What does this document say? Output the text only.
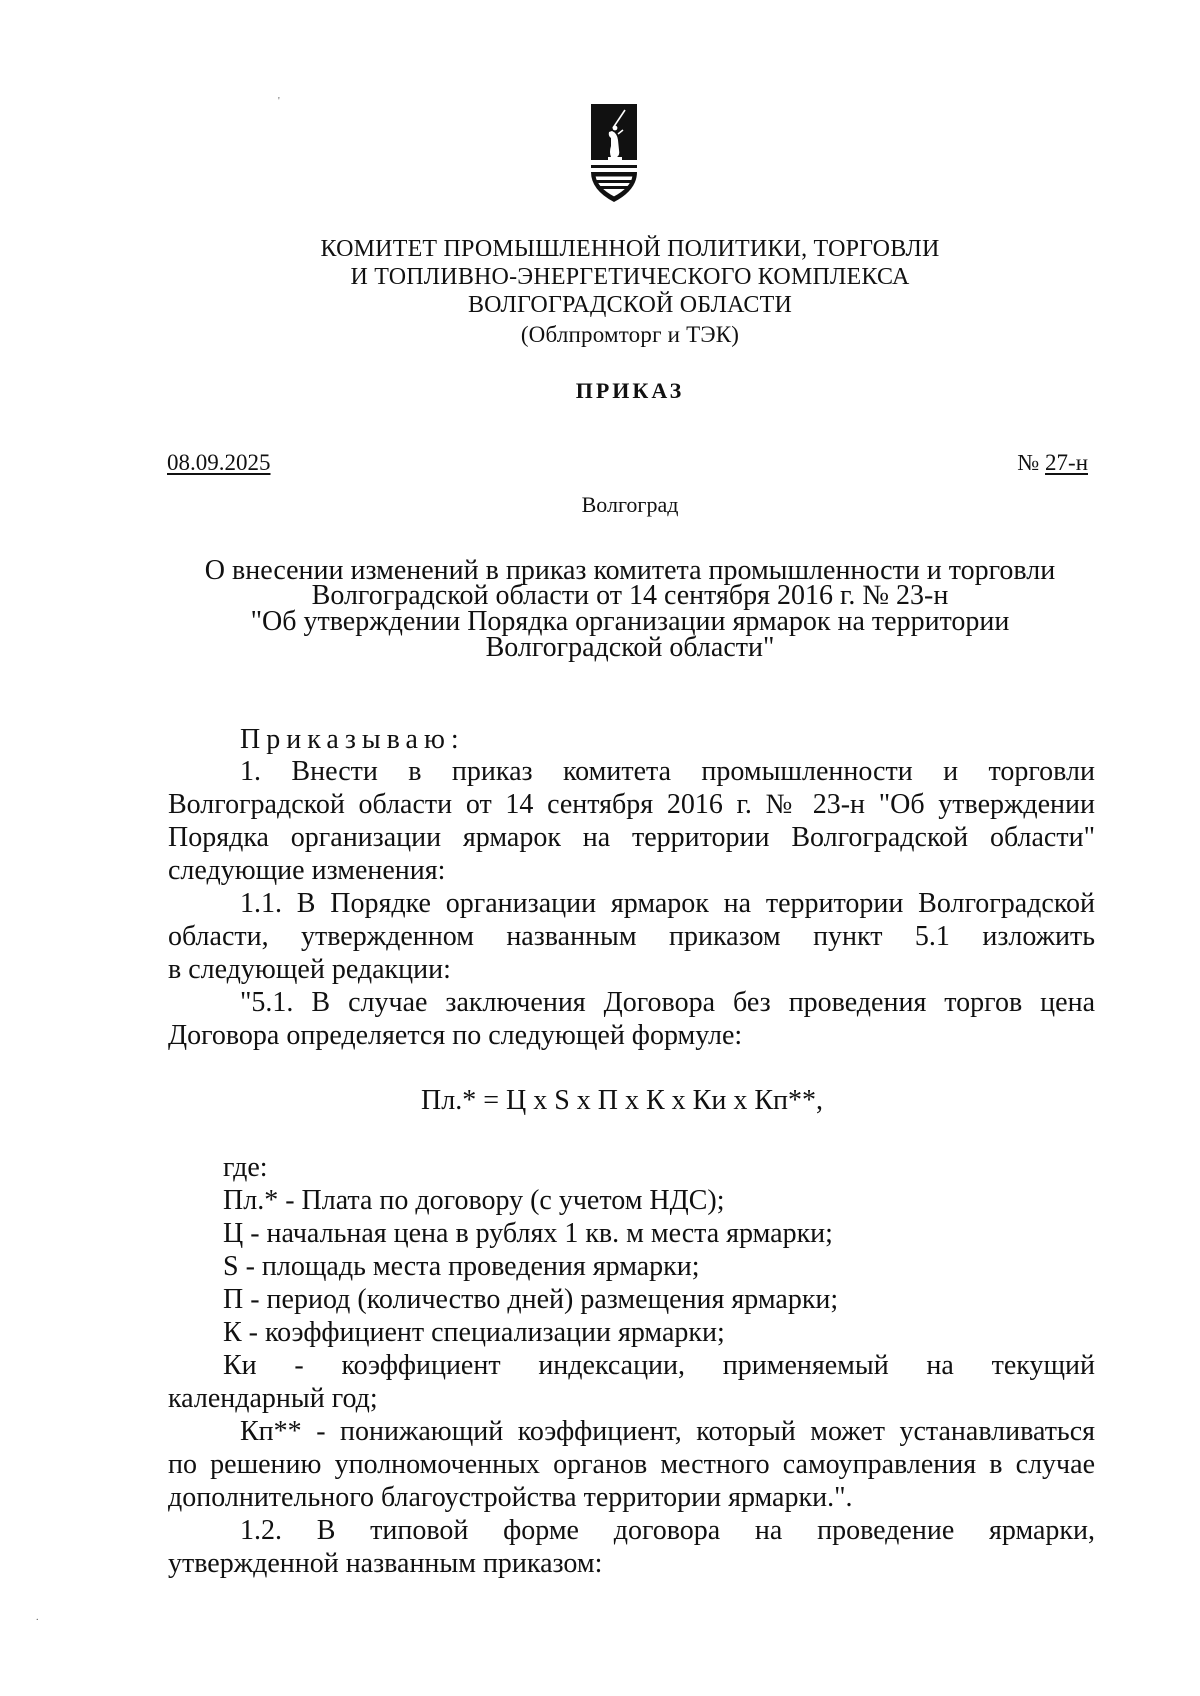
КОМИТЕТ ПРОМЫШЛЕННОЙ ПОЛИТИКИ, ТОРГОВЛИ
И ТОПЛИВНО-ЭНЕРГЕТИЧЕСКОГО КОМПЛЕКСА
ВОЛГОГРАДСКОЙ ОБЛАСТИ
(Облпромторг и ТЭК)
ПРИКАЗ
08.09.2025	№ 27-н
Волгоград
О внесении изменений в приказ комитета промышленности и торговли
Волгоградской области от 14 сентября 2016 г. № 23-н
"Об утверждении Порядка организации ярмарок на территории
Волгоградской области"
Приказываю:
1. Внести в приказ комитета промышленности и торговли
Волгоградской области от 14 сентября 2016 г. № 23-н "Об утверждении
Порядка организации ярмарок на территории Волгоградской области"
следующие изменения:
1.1. В Порядке организации ярмарок на территории Волгоградской
области, утвержденном названным приказом пункт 5.1 изложить
в следующей редакции:
"5.1. В случае заключения Договора без проведения торгов цена
Договора определяется по следующей формуле:
где:
Пл.* - Плата по договору (с учетом НДС);
Ц - начальная цена в рублях 1 кв. м места ярмарки;
S - площадь места проведения ярмарки;
П - период (количество дней) размещения ярмарки;
К - коэффициент специализации ярмарки;
Ки - коэффициент индексации, применяемый на текущий
календарный год;
Кп** - понижающий коэффициент, который может устанавливаться
по решению уполномоченных органов местного самоуправления в случае
дополнительного благоустройства территории ярмарки.".
1.2. В типовой форме договора на проведение ярмарки,
утвержденной названным приказом:
Пл.* = Ц х S х П х К х Ки х Кп**,
'
.
